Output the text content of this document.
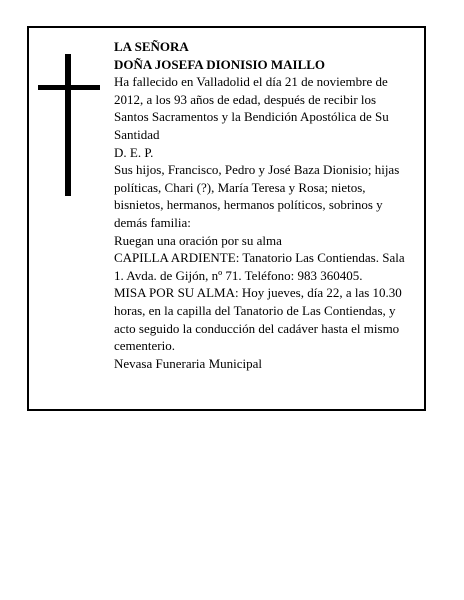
LA SEÑORA

DOÑA JOSEFA DIONISIO MAILLO

Ha fallecido en Valladolid el día 21 de noviembre de 2012, a los 93 años de edad, después de recibir los Santos Sacramentos y la Bendición Apostólica de Su Santidad

D. E. P.

Sus hijos, Francisco, Pedro y José Baza Dionisio; hijas políticas, Chari (?), María Teresa y Rosa; nietos, bisnietos, hermanos, hermanos políticos, sobrinos y demás familia:

Ruegan una oración por su alma

CAPILLA ARDIENTE: Tanatorio Las Contiendas. Sala 1. Avda. de Gijón, nº 71. Teléfono: 983 360405.

MISA POR SU ALMA: Hoy jueves, día 22, a las 10.30 horas, en la capilla del Tanatorio de Las Contiendas, y acto seguido la conducción del cadáver hasta el mismo cementerio.

Nevasa Funeraria Municipal
